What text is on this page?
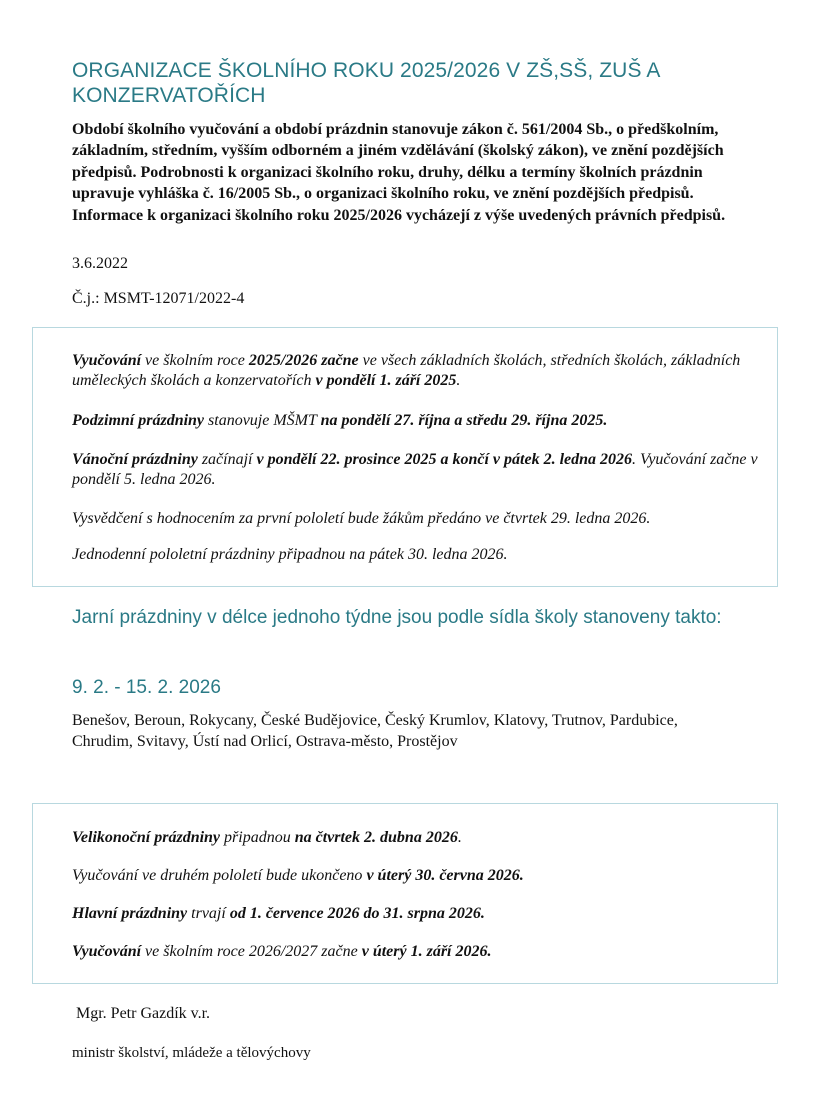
ORGANIZACE ŠKOLNÍHO ROKU 2025/2026 V ZŠ,SŠ, ZUŠ A KONZERVATOŘÍCH

Období školního vyučování a období prázdnin stanovuje zákon č. 561/2004 Sb., o předškolním, základním, středním, vyšším odborném a jiném vzdělávání (školský zákon), ve znění pozdějších předpisů. Podrobnosti k organizaci školního roku, druhy, délku a termíny školních prázdnin upravuje vyhláška č. 16/2005 Sb., o organizaci školního roku, ve znění pozdějších předpisů. Informace k organizaci školního roku 2025/2026 vycházejí z výše uvedených právních předpisů.

3.6.2022

Č.j.: MSMT-12071/2022-4

Vyučování ve školním roce 2025/2026 začne ve všech základních školách, středních školách, základních uměleckých školách a konzervatořích v pondělí 1. září 2025.

Podzimní prázdniny stanovuje MŠMT na pondělí 27. října a středu 29. října 2025.

Vánoční prázdniny začínají v pondělí 22. prosince 2025 a končí v pátek 2. ledna 2026. Vyučování začne v pondělí 5. ledna 2026.

Vysvědčení s hodnocením za první pololetí bude žákům předáno ve čtvrtek 29. ledna 2026.

Jednodenní pololetní prázdniny připadnou na pátek 30. ledna 2026.

Jarní prázdniny v délce jednoho týdne jsou podle sídla školy stanoveny takto:
9. 2. - 15. 2. 2026

Benešov, Beroun, Rokycany, České Budějovice, Český Krumlov, Klatovy, Trutnov, Pardubice, Chrudim, Svitavy, Ústí nad Orlicí, Ostrava-město, Prostějov

Velikonoční prázdniny připadnou na čtvrtek 2. dubna 2026.

Vyučování ve druhém pololetí bude ukončeno v úterý 30. června 2026.

Hlavní prázdniny trvají od 1. července 2026 do 31. srpna 2026.

Vyučování ve školním roce 2026/2027 začne v úterý 1. září 2026.

Mgr. Petr Gazdík v.r.

ministr školství, mládeže a tělovýchovy
